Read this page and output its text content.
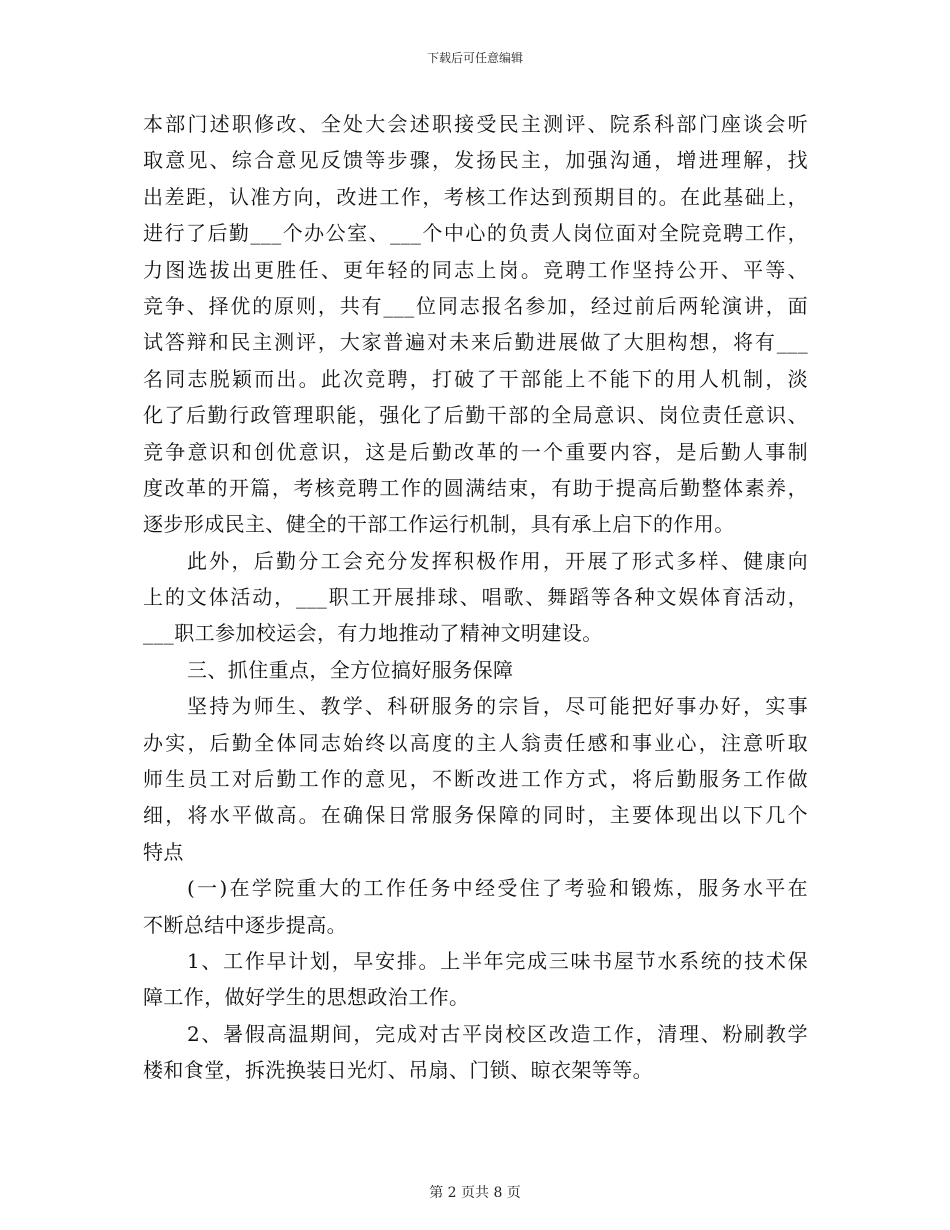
下载后可任意编辑
本部门述职修改、全处大会述职接受民主测评、院系科部门座谈会听
取意见、综合意见反馈等步骤，发扬民主，加强沟通，增进理解，找
出差距，认准方向，改进工作，考核工作达到预期目的。在此基础上，
进行了后勤___个办公室、___个中心的负责人岗位面对全院竞聘工作，
力图选拔出更胜任、更年轻的同志上岗。竞聘工作坚持公开、平等、
竞争、择优的原则，共有___位同志报名参加，经过前后两轮演讲，面
试答辩和民主测评，大家普遍对未来后勤进展做了大胆构想，将有___
名同志脱颖而出。此次竞聘，打破了干部能上不能下的用人机制，淡
化了后勤行政管理职能，强化了后勤干部的全局意识、岗位责任意识、
竞争意识和创优意识，这是后勤改革的一个重要内容，是后勤人事制
度改革的开篇，考核竞聘工作的圆满结束，有助于提高后勤整体素养，
逐步形成民主、健全的干部工作运行机制，具有承上启下的作用。
此外，后勤分工会充分发挥积极作用，开展了形式多样、健康向
上的文体活动，___职工开展排球、唱歌、舞蹈等各种文娱体育活动，
___职工参加校运会，有力地推动了精神文明建设。
三、抓住重点，全方位搞好服务保障
坚持为师生、教学、科研服务的宗旨，尽可能把好事办好，实事
办实，后勤全体同志始终以高度的主人翁责任感和事业心，注意听取
师生员工对后勤工作的意见，不断改进工作方式，将后勤服务工作做
细，将水平做高。在确保日常服务保障的同时，主要体现出以下几个
特点
(一)在学院重大的工作任务中经受住了考验和锻炼，服务水平在
不断总结中逐步提高。
1、工作早计划，早安排。上半年完成三味书屋节水系统的技术保
障工作，做好学生的思想政治工作。
2、暑假高温期间，完成对古平岗校区改造工作，清理、粉刷教学
楼和食堂，拆洗换装日光灯、吊扇、门锁、晾衣架等等。
第 2 页共 8 页
